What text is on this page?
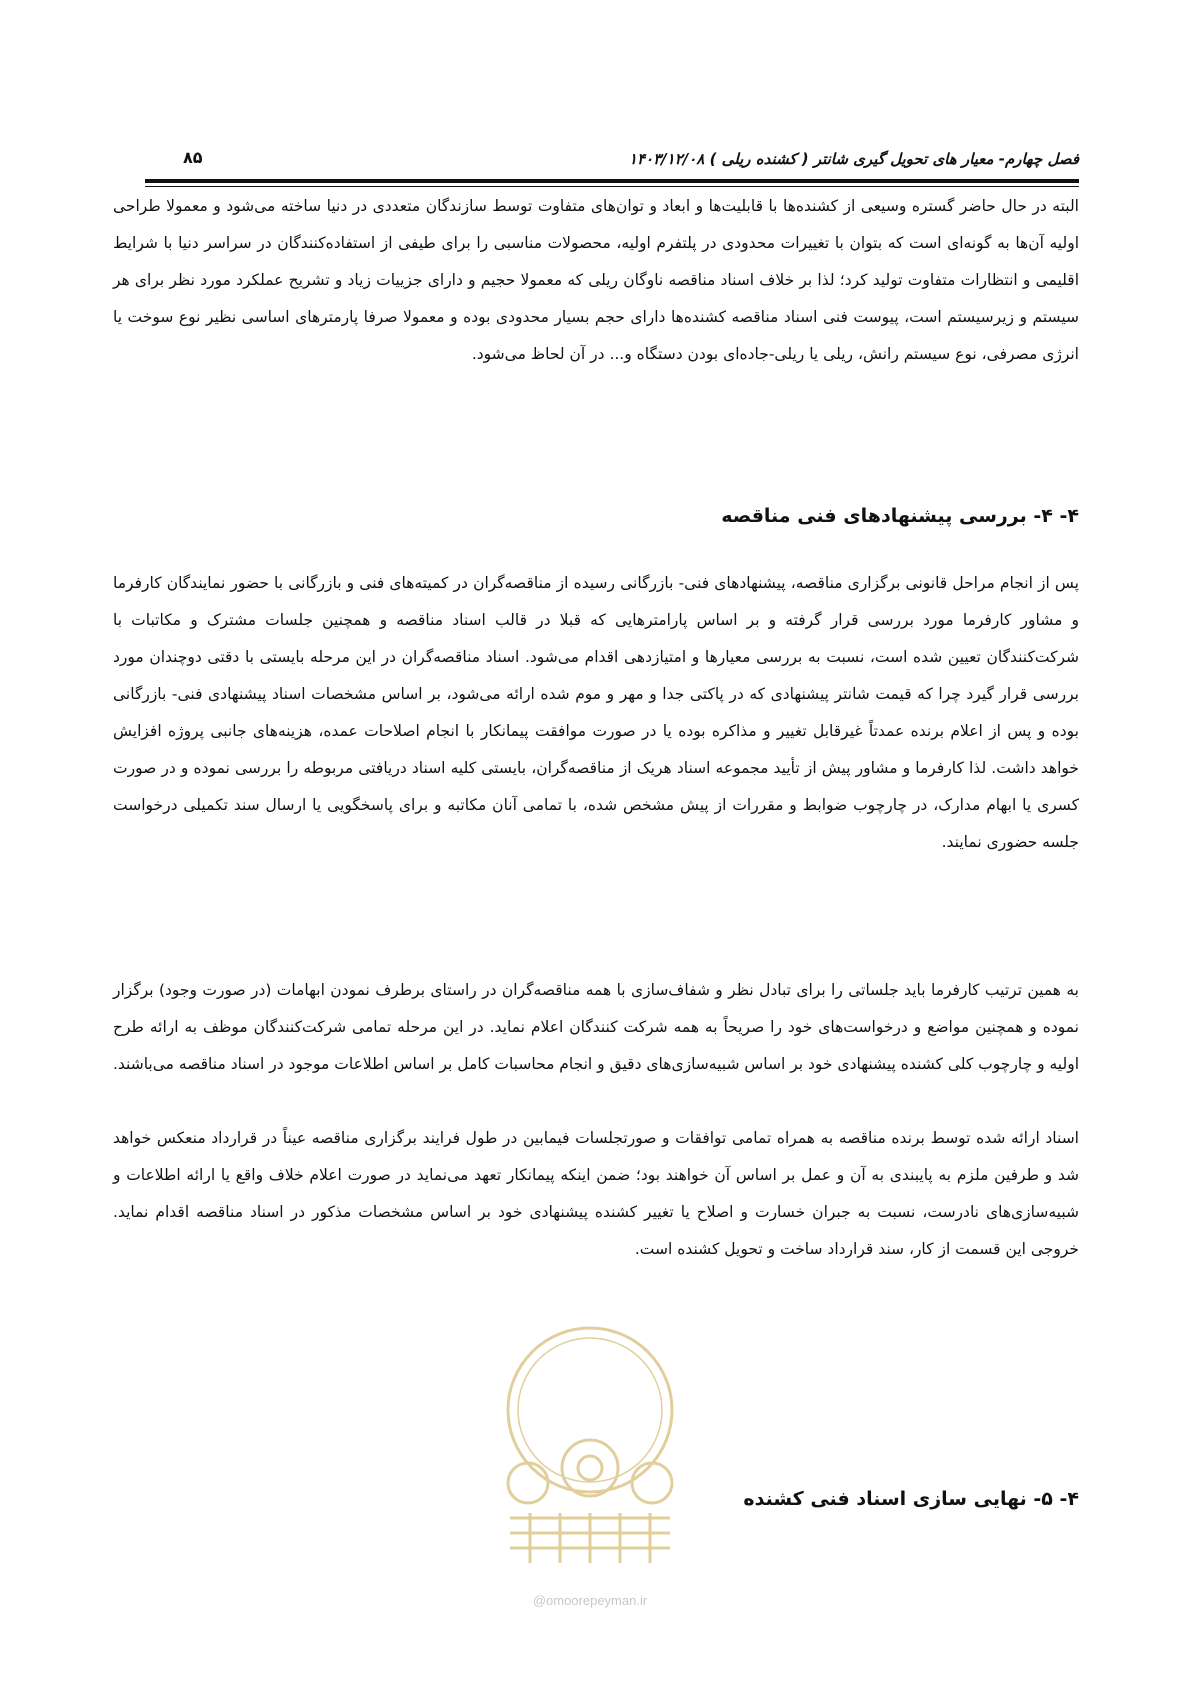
فصل چهارم- معیار های تحویل گیری شانتر ( کشنده ریلی ) ۱۴۰۳/۱۲/۰۸
۸۵

البته در حال حاضر گستره وسیعی از کشنده‌ها با قابلیت‌ها و ابعاد و توان‌های متفاوت توسط سازندگان متعددی در دنیا ساخته می‌شود و معمولا طراحی اولیه آن‌ها به گونه‌ای است که بتوان با تغییرات محدودی در پلتفرم اولیه، محصولات مناسبی را برای طیفی از استفاده‌کنندگان در سراسر دنیا با شرایط اقلیمی و انتظارات متفاوت تولید کرد؛ لذا بر خلاف اسناد مناقصه ناوگان ریلی که معمولا حجیم و دارای جزییات زیاد و تشریح عملکرد مورد نظر برای هر سیستم و زیرسیستم است، پیوست فنی اسناد مناقصه کشنده‌ها دارای حجم بسیار محدودی بوده و معمولا صرفا پارمترهای اساسی نظیر نوع سوخت یا انرژی مصرفی، نوع سیستم رانش، ریلی یا ریلی-جاده‌ای بودن دستگاه و... در آن لحاظ می‌شود.

۴- ۴- بررسی پیشنهادهای فنی مناقصه

پس از انجام مراحل قانونی برگزاری مناقصه، پیشنهادهای فنی- بازرگانی رسیده از مناقصه‌گران در کمیته‌های فنی و بازرگانی با حضور نمایندگان کارفرما و مشاور کارفرما مورد بررسی قرار گرفته و بر اساس پارامترهایی که قبلا در قالب اسناد مناقصه و همچنین جلسات مشترک و مکاتبات با شرکت‌کنندگان تعیین شده است، نسبت به بررسی معیارها و امتیازدهی اقدام می‌شود. اسناد مناقصه‌گران در این مرحله بایستی با دقتی دوچندان مورد بررسی قرار گیرد چرا که قیمت شانتر پیشنهادی که در پاکتی جدا و مهر و موم شده ارائه می‌شود، بر اساس مشخصات اسناد پیشنهادی فنی- بازرگانی بوده و پس از اعلام برنده عمدتاً غیرقابل تغییر و مذاکره بوده یا در صورت موافقت پیمانکار با انجام اصلاحات عمده، هزینه‌های جانبی پروژه افزایش خواهد داشت. لذا کارفرما و مشاور پیش از تأیید مجموعه اسناد هریک از مناقصه‌گران، بایستی کلیه اسناد دریافتی مربوطه را بررسی نموده و در صورت کسری یا ابهام مدارک، در چارچوب ضوابط و مقررات از پیش مشخص شده، با تمامی آنان مکاتبه و برای پاسخگویی یا ارسال سند تکمیلی درخواست جلسه حضوری نمایند.

به همین ترتیب کارفرما باید جلساتی را برای تبادل نظر و شفاف‌سازی با همه مناقصه‌گران در راستای برطرف نمودن ابهامات (در صورت وجود) برگزار نموده و همچنین مواضع و درخواست‌های خود را صریحاً به همه شرکت کنندگان اعلام نماید. در این مرحله تمامی شرکت‌کنندگان موظف به ارائه طرح اولیه و چارچوب کلی کشنده پیشنهادی خود بر اساس شبیه‌سازی‌های دقیق و انجام محاسبات کامل بر اساس اطلاعات موجود در اسناد مناقصه می‌باشند.

اسناد ارائه شده توسط برنده مناقصه به همراه تمامی توافقات و صورتجلسات فیمابین در طول فرایند برگزاری مناقصه عیناً در قرارداد منعکس خواهد شد و طرفین ملزم به پایبندی به آن و عمل بر اساس آن خواهند بود؛ ضمن اینکه پیمانکار تعهد می‌نماید در صورت اعلام خلاف واقع یا ارائه اطلاعات و شبیه‌سازی‌های نادرست، نسبت به جبران خسارت و اصلاح یا تغییر کشنده پیشنهادی خود بر اساس مشخصات مذکور در اسناد مناقصه اقدام نماید. خروجی این قسمت از کار، سند قرارداد ساخت و تحویل کشنده است.

۴- ۵- نهایی سازی اسناد فنی کشنده
@omoorepeyman.ir
